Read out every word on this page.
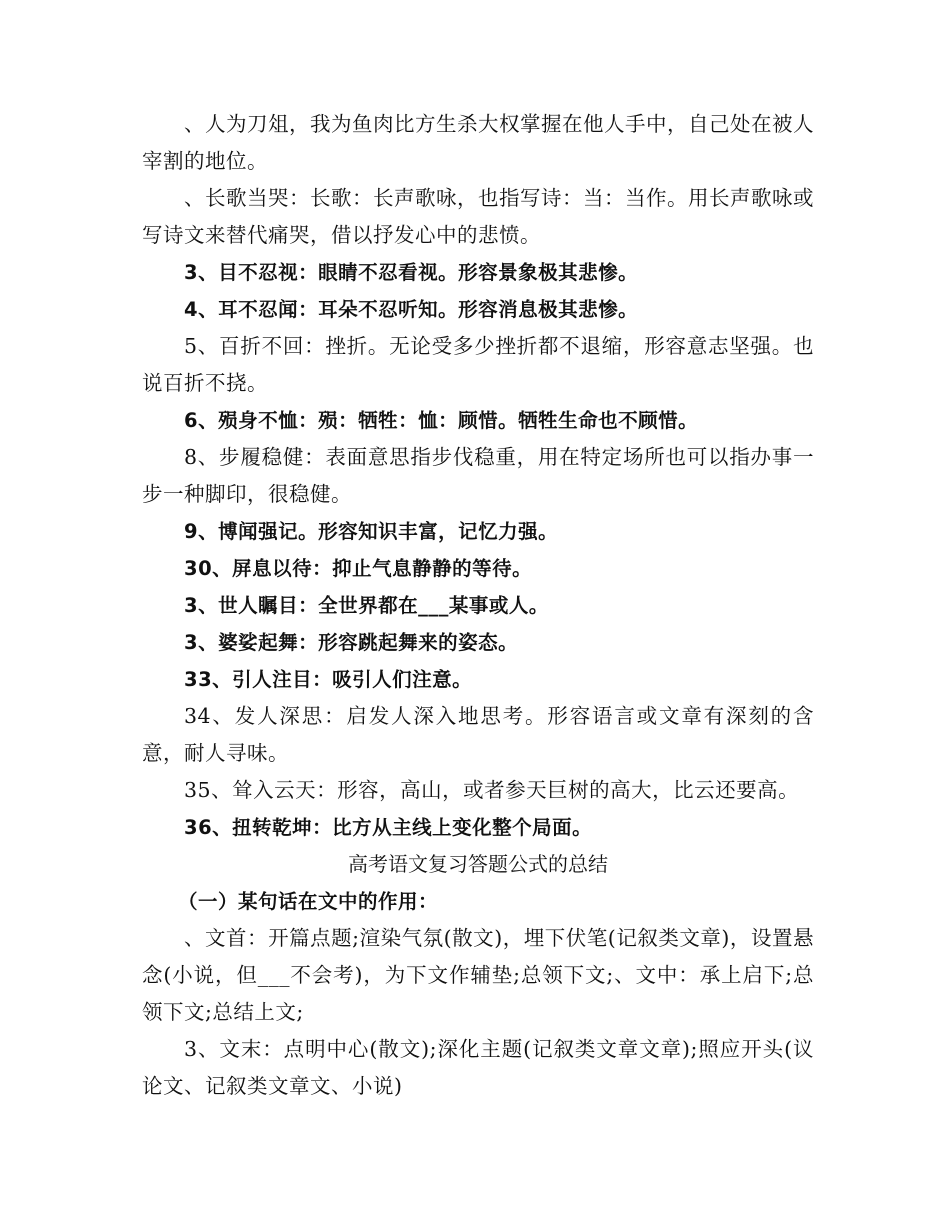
、人为刀俎，我为鱼肉比方生杀大权掌握在他人手中，自己处在被人宰割的地位。

、长歌当哭：长歌：长声歌咏，也指写诗：当：当作。用长声歌咏或写诗文来替代痛哭，借以抒发心中的悲愤。

3、目不忍视：眼睛不忍看视。形容景象极其悲惨。

4、耳不忍闻：耳朵不忍听知。形容消息极其悲惨。

5、百折不回：挫折。无论受多少挫折都不退缩，形容意志坚强。也说百折不挠。

6、殒身不恤：殒：牺牲：恤：顾惜。牺牲生命也不顾惜。

8、步履稳健：表面意思指步伐稳重，用在特定场所也可以指办事一步一种脚印，很稳健。

9、博闻强记。形容知识丰富，记忆力强。

30、屏息以待：抑止气息静静的等待。

3、世人瞩目：全世界都在___某事或人。

3、婆娑起舞：形容跳起舞来的姿态。

33、引人注目：吸引人们注意。

34、发人深思：启发人深入地思考。形容语言或文章有深刻的含意，耐人寻味。

35、耸入云天：形容，高山，或者参天巨树的高大，比云还要高。

36、扭转乾坤：比方从主线上变化整个局面。

高考语文复习答题公式的总结

（一）某句话在文中的作用：

、文首：开篇点题;渲染气氛(散文)，埋下伏笔(记叙类文章)，设置悬念(小说，但___不会考)，为下文作辅垫;总领下文;、文中：承上启下;总领下文;总结上文;

3、文末：点明中心(散文);深化主题(记叙类文章文章);照应开头(议论文、记叙类文章文、小说)
